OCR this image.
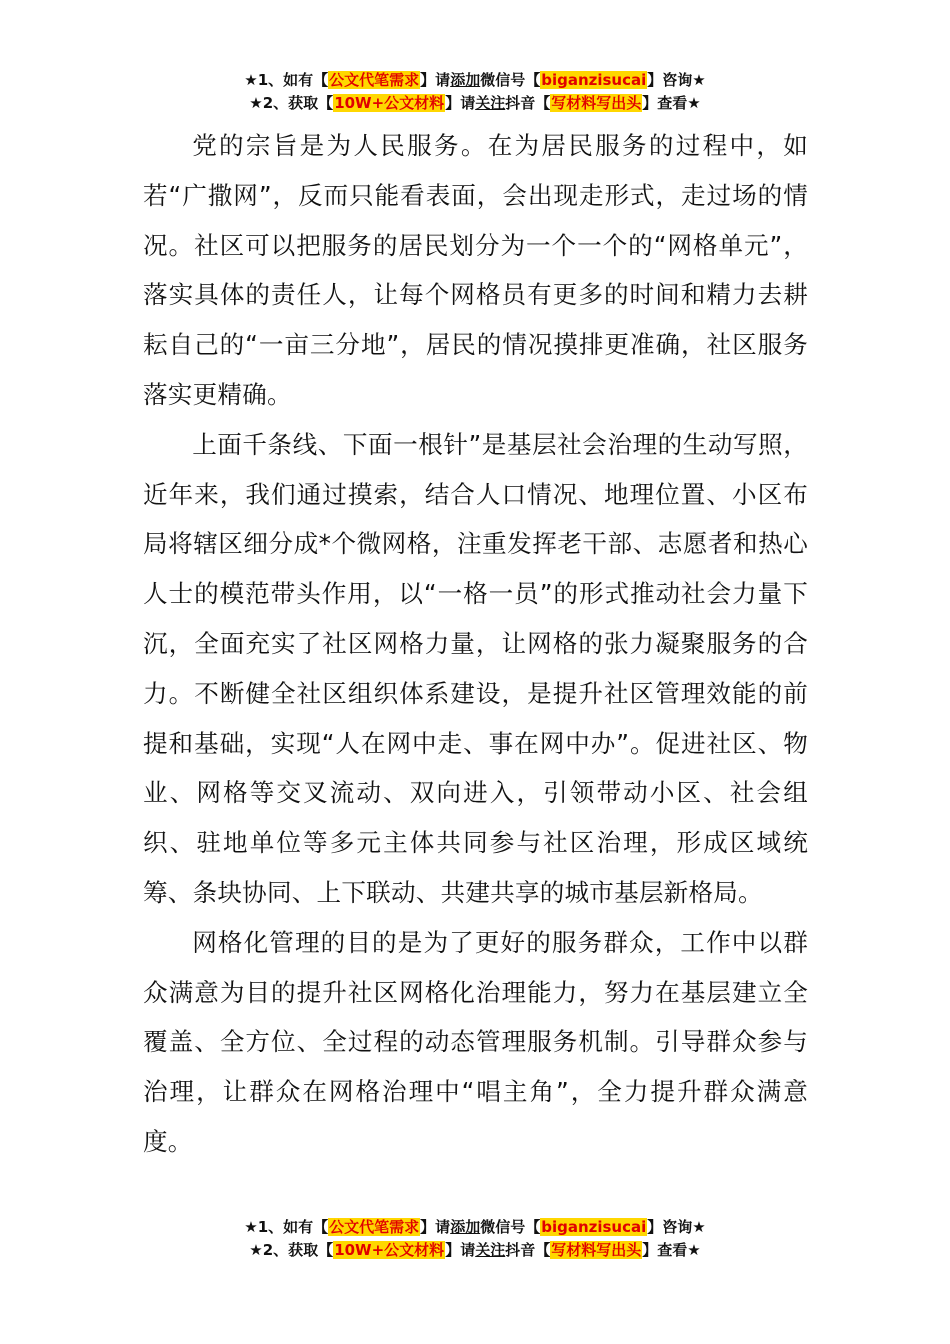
★1、如有【公文代笔需求】请添加微信号【biganzisucai】咨询★
★2、获取【10W+公文材料】请关注抖音【写材料写出头】查看★

党的宗旨是为人民服务。在为居民服务的过程中，如若“广撒网”，反而只能看表面，会出现走形式，走过场的情况。社区可以把服务的居民划分为一个一个的“网格单元”，落实具体的责任人，让每个网格员有更多的时间和精力去耕耘自己的“一亩三分地”，居民的情况摸排更准确，社区服务落实更精确。

上面千条线、下面一根针”是基层社会治理的生动写照，近年来，我们通过摸索，结合人口情况、地理位置、小区布局将辖区细分成*个微网格，注重发挥老干部、志愿者和热心人士的模范带头作用，以“一格一员”的形式推动社会力量下沉，全面充实了社区网格力量，让网格的张力凝聚服务的合力。不断健全社区组织体系建设，是提升社区管理效能的前提和基础，实现“人在网中走、事在网中办”。促进社区、物业、网格等交叉流动、双向进入，引领带动小区、社会组织、驻地单位等多元主体共同参与社区治理，形成区域统筹、条块协同、上下联动、共建共享的城市基层新格局。

网格化管理的目的是为了更好的服务群众，工作中以群众满意为目的提升社区网格化治理能力，努力在基层建立全覆盖、全方位、全过程的动态管理服务机制。引导群众参与治理，让群众在网格治理中“唱主角”，全力提升群众满意度。

★1、如有【公文代笔需求】请添加微信号【biganzisucai】咨询★
★2、获取【10W+公文材料】请关注抖音【写材料写出头】查看★
